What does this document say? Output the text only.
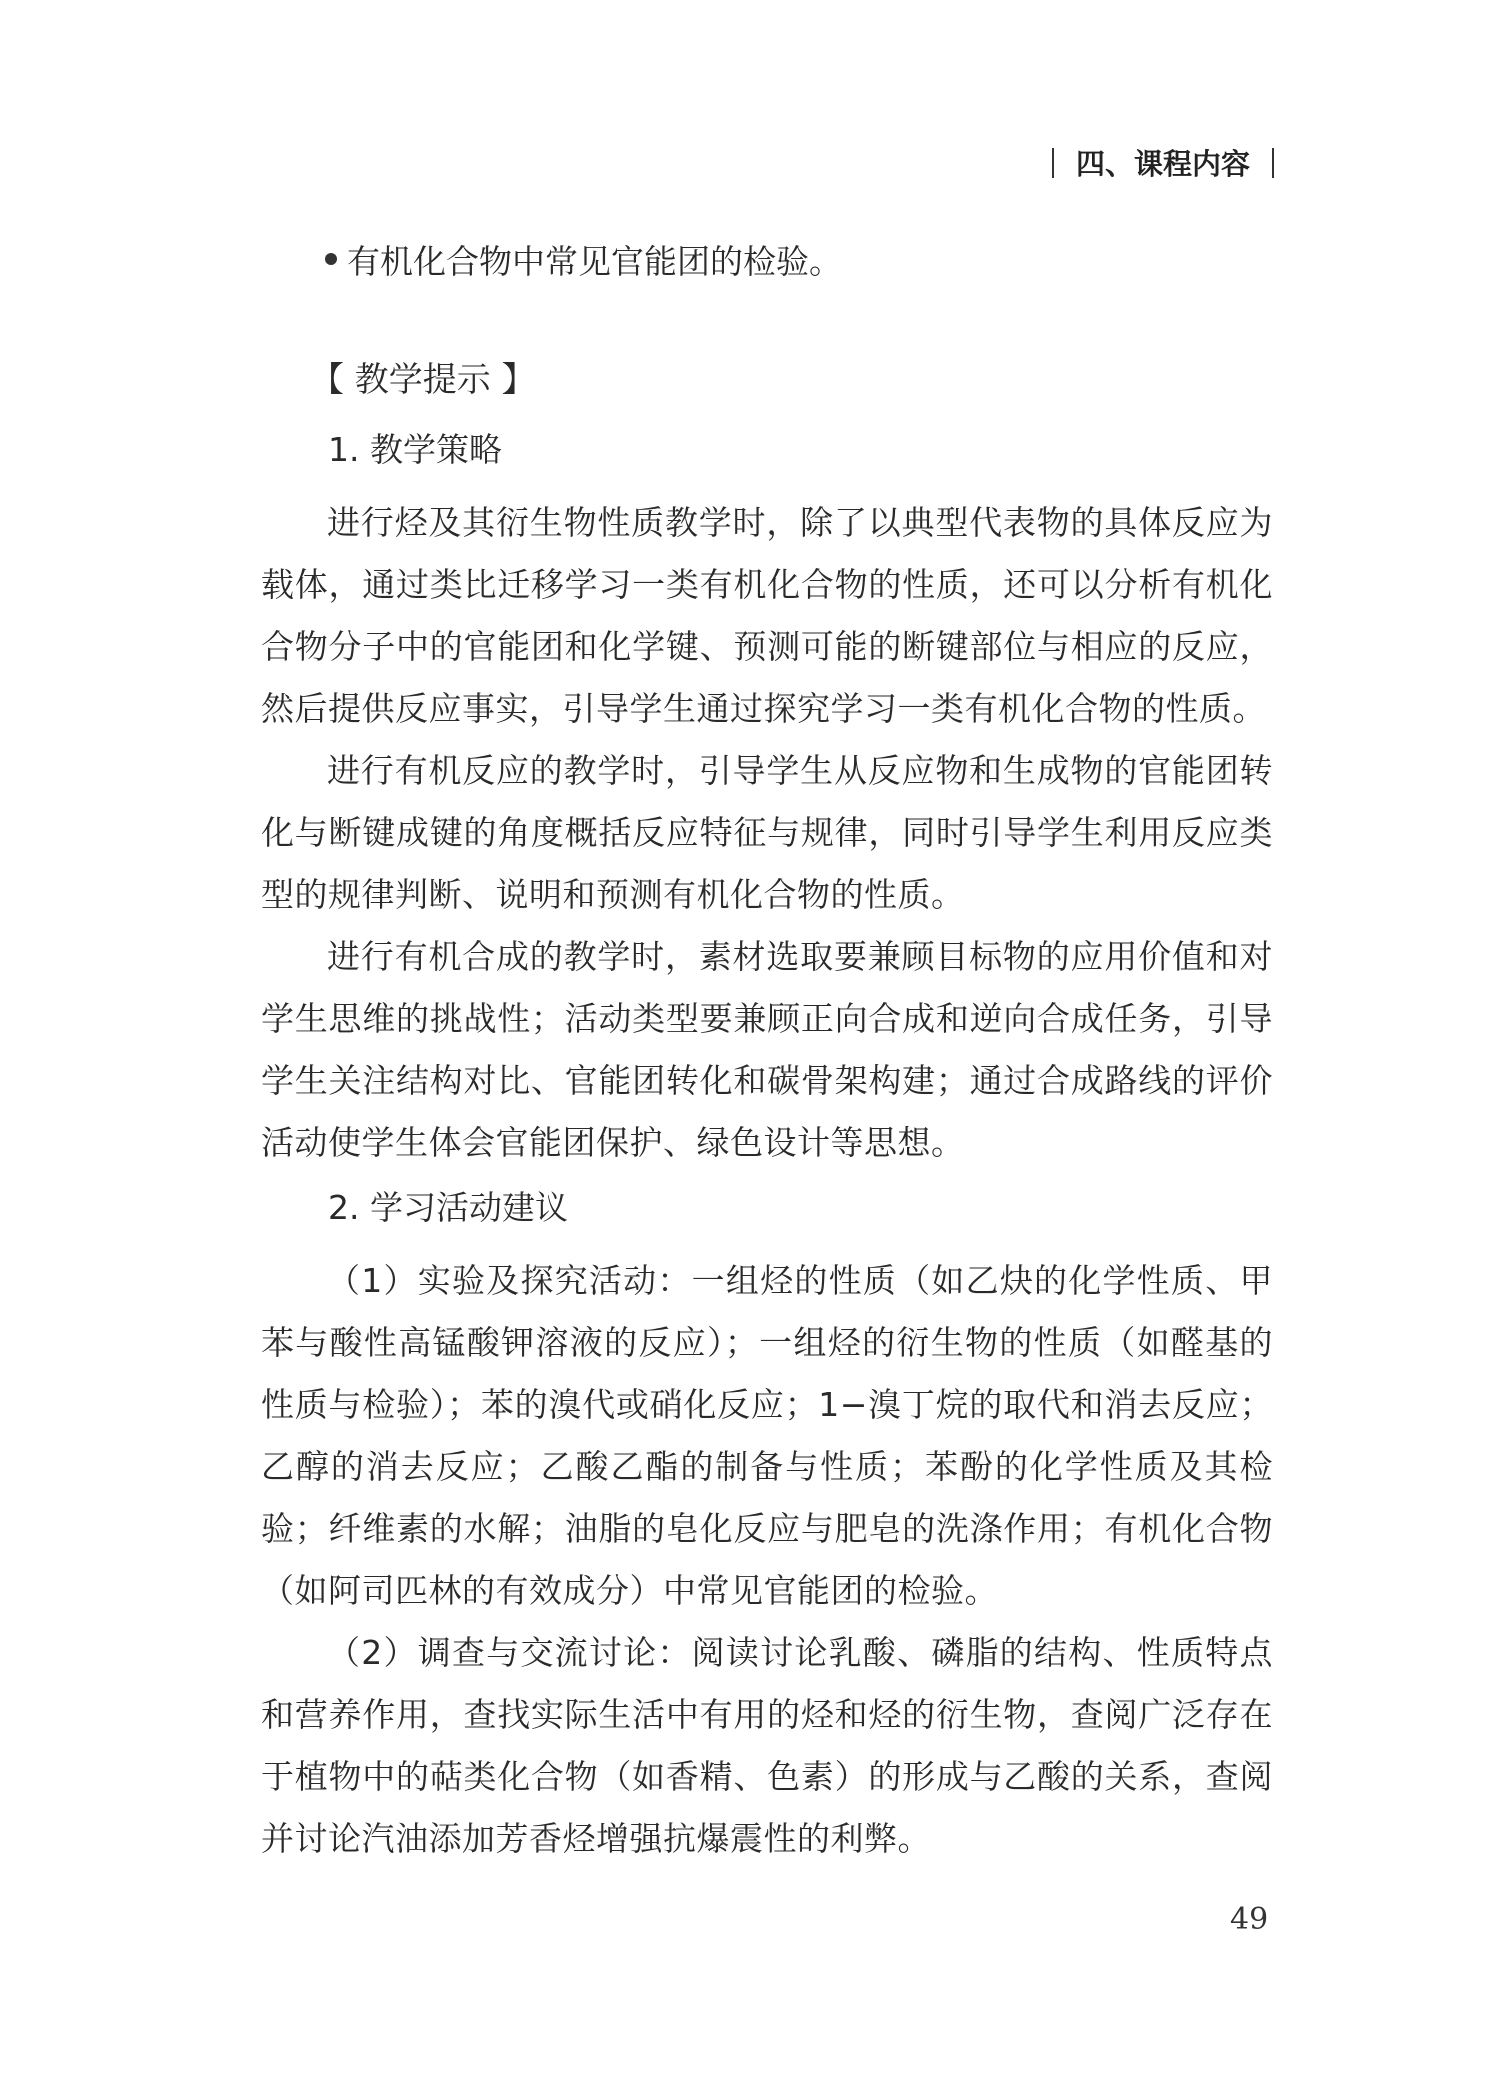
四、课程内容
有机化合物中常见官能团的检验。
【 教学提示 】
1. 教学策略

进行烃及其衍生物性质教学时，除了以典型代表物的具体反应为载体，通过类比迁移学习一类有机化合物的性质，还可以分析有机化合物分子中的官能团和化学键、预测可能的断键部位与相应的反应，然后提供反应事实，引导学生通过探究学习一类有机化合物的性质。

进行有机反应的教学时，引导学生从反应物和生成物的官能团转化与断键成键的角度概括反应特征与规律，同时引导学生利用反应类型的规律判断、说明和预测有机化合物的性质。

进行有机合成的教学时，素材选取要兼顾目标物的应用价值和对学生思维的挑战性；活动类型要兼顾正向合成和逆向合成任务，引导学生关注结构对比、官能团转化和碳骨架构建；通过合成路线的评价活动使学生体会官能团保护、绿色设计等思想。

2. 学习活动建议

（1）实验及探究活动：一组烃的性质（如乙炔的化学性质、甲苯与酸性高锰酸钾溶液的反应）；一组烃的衍生物的性质（如醛基的性质与检验）；苯的溴代或硝化反应；1−溴丁烷的取代和消去反应；乙醇的消去反应；乙酸乙酯的制备与性质；苯酚的化学性质及其检验；纤维素的水解；油脂的皂化反应与肥皂的洗涤作用；有机化合物（如阿司匹林的有效成分）中常见官能团的检验。

（2）调查与交流讨论：阅读讨论乳酸、磷脂的结构、性质特点和营养作用，查找实际生活中有用的烃和烃的衍生物，查阅广泛存在于植物中的萜类化合物（如香精、色素）的形成与乙酸的关系，查阅并讨论汽油添加芳香烃增强抗爆震性的利弊。

49
